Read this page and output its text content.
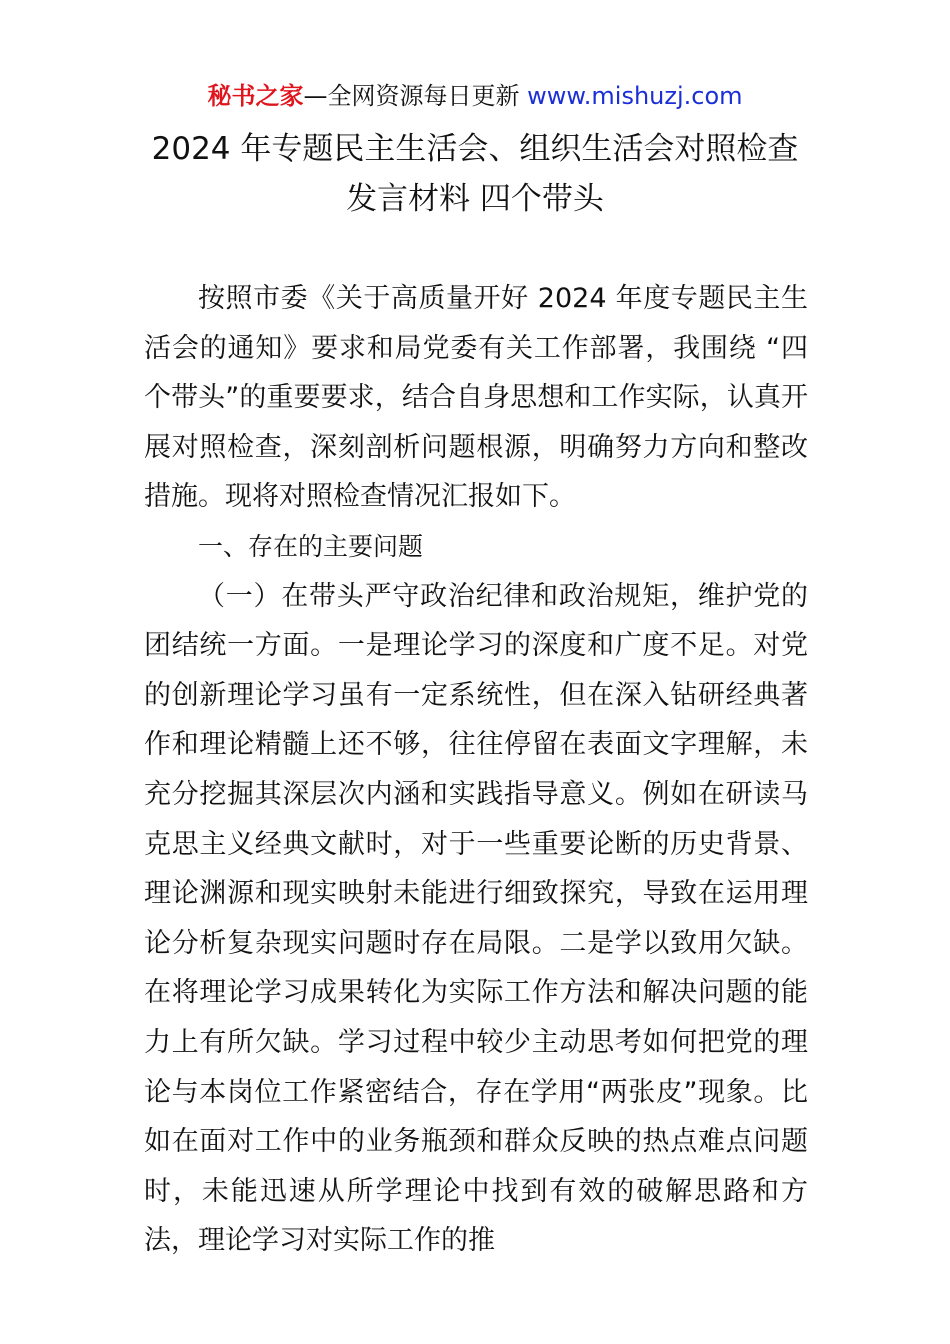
秘书之家—全网资源每日更新 www.mishuzj.com
2024 年专题民主生活会、组织生活会对照检查
发言材料 四个带头

按照市委《关于高质量开好 2024 年度专题民主生活会的通知》要求和局党委有关工作部署，我围绕 “四个带头”的重要要求，结合自身思想和工作实际，认真开展对照检查，深刻剖析问题根源，明确努力方向和整改措施。现将对照检查情况汇报如下。

一、存在的主要问题

（一）在带头严守政治纪律和政治规矩，维护党的团结统一方面。一是理论学习的深度和广度不足。对党的创新理论学习虽有一定系统性，但在深入钻研经典著作和理论精髓上还不够，往往停留在表面文字理解，未充分挖掘其深层次内涵和实践指导意义。例如在研读马克思主义经典文献时，对于一些重要论断的历史背景、理论渊源和现实映射未能进行细致探究，导致在运用理论分析复杂现实问题时存在局限。二是学以致用欠缺。在将理论学习成果转化为实际工作方法和解决问题的能力上有所欠缺。学习过程中较少主动思考如何把党的理论与本岗位工作紧密结合，存在学用“两张皮”现象。比如在面对工作中的业务瓶颈和群众反映的热点难点问题时，未能迅速从所学理论中找到有效的破解思路和方法，理论学习对实际工作的推
